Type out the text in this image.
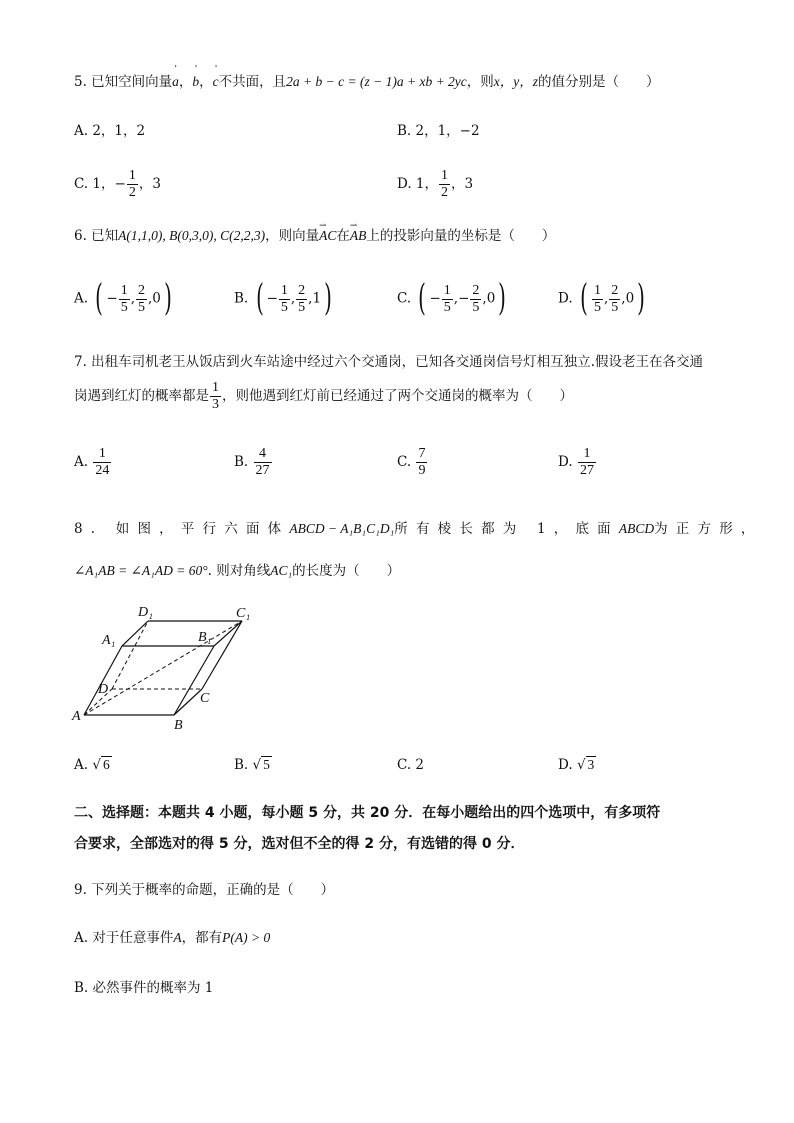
5. 已知空间向量' a，' b，' c不共面，且2a + b − c = (z − 1)a + xb + 2yc，则x，y，z的值分别是（　　）
A. 2，1，2	B. 2，1，−2
C. 1，− $\frac{1}{2}$ ，3	D. 1， $\frac{1}{2}$ ，3
6. 已知A(1,1,0), B(0,3,0), C(2,2,3)，则向量⇀ AC在⇀ AB上的投影向量的坐标是（　　）
A. ( − $\frac{1}{5}$ , $\frac{2}{5} ,0$)	B. ( − $\frac{1}{5}$ , $\frac{2}{5} ,1$)	C. ( − $\frac{1}{5}$ ,− $\frac{2}{5} ,0$)	D. ( $\frac{1}{5}$ , $\frac{2}{5} ,0$)
7. 出租车司机老王从饭店到火车站途中经过六个交通岗，已知各交通岗信号灯相互独立.假设老王在各交通
岗遇到红灯的概率都是 $\frac{1}{3}$ ，则他遇到红灯前已经通过了两个交通岗的概率为（　　）
A. $\frac{1}{24}$	B. $\frac{4}{27}$	C. $\frac{7}{9}$	D. $\frac{1}{27}$
8. 如图，平行六面体ABCD − A₁B₁C₁D₁所有棱长都为 1，底面ABCD为正方形，
∠A₁AB = ∠A₁AD = 60°. 则对角线AC₁的长度为（　　）
D₁	C₁
A₁	B₁
D
C
A
B
A. √ 6	B. √ 5	C. 2	D. √ 3
二、选择题：本题共 4 小题，每小题 5 分，共 20 分．在每小题给出的四个选项中，有多项符
合要求，全部选对的得 5 分，选对但不全的得 2 分，有选错的得 0 分．
9. 下列关于概率的命题，正确的是（　　）
A. 对于任意事件A，都有P(A) > 0
B. 必然事件的概率为 1
